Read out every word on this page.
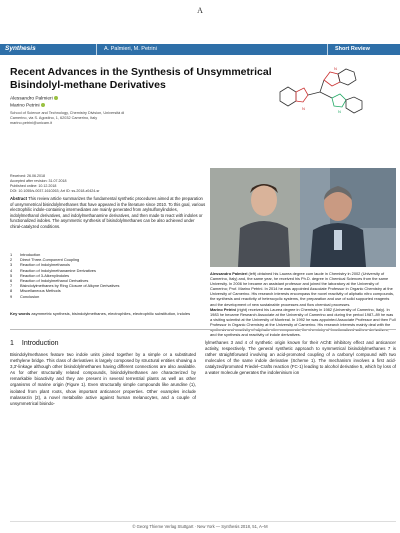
A
Synthesis	A. Palmieri, M. Petrini	Short Review
Recent Advances in the Synthesis of Unsymmetrical Bisindolyl-methane Derivatives
Alessandro Palmieri
Marino Petrini
School of Science and Technology, Chemistry Division, Università di Camerino, via S. Agostino, 1, 62032 Camerino, Italy
marino.petrini@unicam.it
N
N
N
Received: 26.06.2018
Accepted after revision: 31.07.2018
Published online: 10.12.2018
DOI: 10.1055/s-0037-1610263; Art ID: ss-2018-z0424-sr
Abstract This review article summarizes the fundamental synthetic procedures aimed at the preparation of unsymmetrical bisindolylmethanes that have appeared in the literature since 2010. To this goal, various electrophilic indole-containing intermediates are mainly generated from arylsulfonylindoles, indolylmethanol derivatives, and indolylmethanamine derivatives, and then made to react with indoles or functionalized indoles. The asymmetric synthesis of bisindolylmethanes can be also achieved under chiral-catalyzed conditions.
1	Introduction
2	Direct Three-Component Coupling
3	Reaction of Indolylmethanols
4	Reaction of Indolylmethanamine Derivatives
5	Reaction of 3-Alkenylindoles
6	Reaction of Indolylmethanol Derivatives
7	Bisindolylmethanes by Ring Closure of Alkyne Derivatives
8	Miscellaneous Methods
9	Conclusion
Key words asymmetric synthesis, bisindolylmethanes, electrophiles, electrophilic substitution, indoles
Alessandro Palmieri (left) obtained his Laurea degree cum laude in Chemistry in 2002 (University of Camerino, Italy) and, the same year, he received his Ph.D. degree in Chemical Sciences from the same University. In 2006 he became an assistant professor and joined the laboratory at the University of Camerino; Prof. Marino Petrini. In 2014 he was appointed Associate Professor in Organic Chemistry at the University of Camerino. His research interests encompass the novel reactivity of aliphatic nitro compounds, the synthesis and reactivity of heterocyclic systems, the preparation and use of solid supported reagents and the development of new sustainable processes and flow chemical processes.
Marino Petrini (right) received his Laurea degree in Chemistry in 1982 (University of Camerino, Italy). In 1983 he became Research Associate at the University of Camerino and during the period 1987–89 he was a visiting scientist at the University of Montreal. In 1992 he was appointed Associate Professor and then Full Professor in Organic Chemistry at the University of Camerino. His research interests mainly deal with the and the synthesis and reactivity of indole derivatives.
1 Introduction
Bisindolylmethanes feature two indole units joined together by a simple or a substituted methylene bridge. This class of derivatives is largely composed by structural entities showing a 3,3′-linkage although other bisindolylmethanes having different connections are also available. As for other structurally related compounds, bisindolylmethanes are characterized by remarkable bioactivity and they are present in several terrestrial plants as well as other organisms of marine origin (Figure 1). Even structurally simple compounds like arundine (1), isolated from plant roots, show important anticancer properties. Other examples include malassezin (2), a novel metabolite active against human melanocytes, and a couple of unsymmetrical bisindo-
lylmethanes 3 and 4 of synthetic origin known for their AChE inhibitory effect and anticancer activity, respectively. The general synthetic approach to symmetrical bisindolylmethanes 7 is rather straightforward involving an acid-promoted coupling of a carbonyl compound with two molecules of the same indole derivative (Scheme 1). The mechanism involves a first acid-catalyzed/promoted Friedel–Crafts reaction (FC-1) leading to alcohol derivative 5, which by loss of a water molecule generates the indoleninium ion
© Georg Thieme Verlag Stuttgart · New York — Synthesis 2018, 51, A–M
